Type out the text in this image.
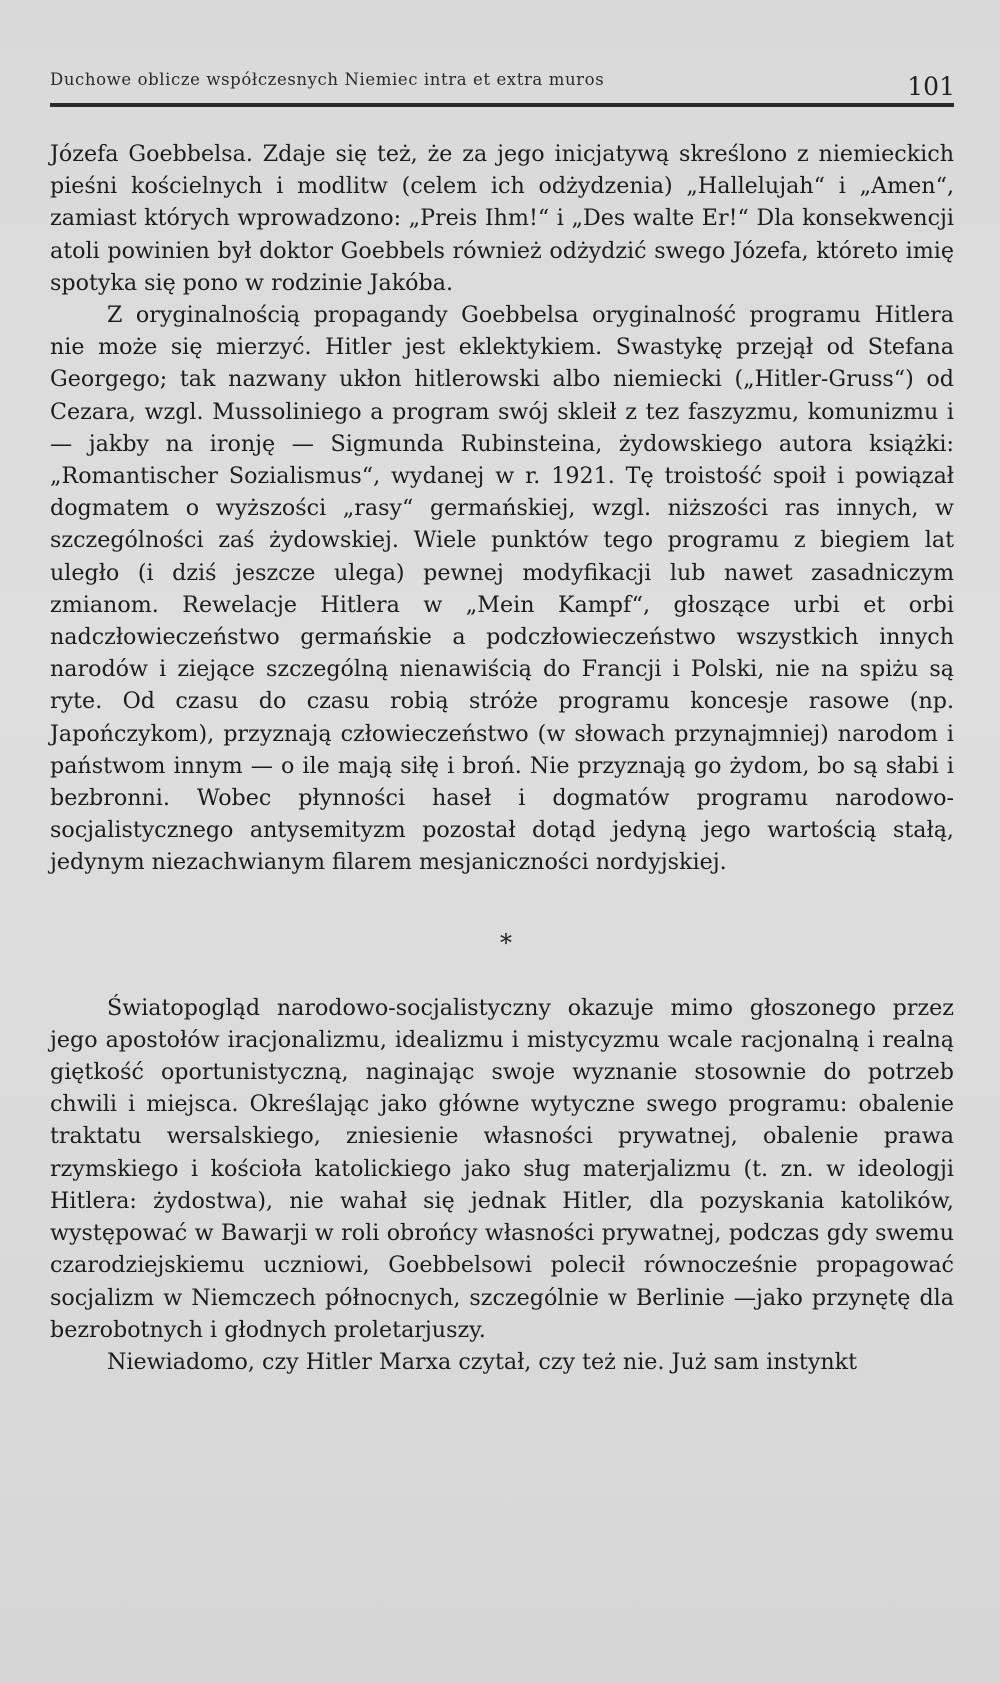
Duchowe oblicze współczesnych Niemiec intra et extra muros	101

Józefa Goebbelsa. Zdaje się też, że za jego inicjatywą skreślono z niemieckich pieśni kościelnych i modlitw (celem ich odżydzenia) „Hallelujah“ i „Amen“, zamiast których wprowadzono: „Preis Ihm!“ i „Des walte Er!“ Dla konsekwencji atoli powinien był doktor Goebbels również odżydzić swego Józefa, któreto imię spotyka się pono w rodzinie Jakóba.

Z oryginalnością propagandy Goebbelsa oryginalność programu Hitlera nie może się mierzyć. Hitler jest eklektykiem. Swastykę przejął od Stefana Georgego; tak nazwany ukłon hitlerowski albo niemiecki („Hitler-Gruss“) od Cezara, wzgl. Mussoliniego a program swój skleił z tez faszyzmu, komunizmu i — jakby na ironję — Sigmunda Rubinsteina, żydowskiego autora książki: „Romantischer Sozialismus“, wydanej w r. 1921. Tę troistość spoił i powiązał dogmatem o wyższości „rasy“ germańskiej, wzgl. niższości ras innych, w szczególności zaś żydowskiej. Wiele punktów tego programu z biegiem lat uległo (i dziś jeszcze ulega) pewnej modyfikacji lub nawet zasadniczym zmianom. Rewelacje Hitlera w „Mein Kampf“, głoszące urbi et orbi nadczłowieczeństwo germańskie a podczłowieczeństwo wszystkich innych narodów i ziejące szczególną nienawiścią do Francji i Polski, nie na spiżu są ryte. Od czasu do czasu robią stróże programu koncesje rasowe (np. Japończykom), przyznają człowieczeństwo (w słowach przynajmniej) narodom i państwom innym — o ile mają siłę i broń. Nie przyznają go żydom, bo są słabi i bezbronni. Wobec płynności haseł i dogmatów programu narodowo-socjalistycznego antysemityzm pozostał dotąd jedyną jego wartością stałą, jedynym niezachwianym filarem mesjaniczności nordyjskiej.

*

Światopogląd narodowo-socjalistyczny okazuje mimo głoszonego przez jego apostołów iracjonalizmu, idealizmu i mistycyzmu wcale racjonalną i realną giętkość oportunistyczną, naginając swoje wyznanie stosownie do potrzeb chwili i miejsca. Określając jako główne wytyczne swego programu: obalenie traktatu wersalskiego, zniesienie własności prywatnej, obalenie prawa rzymskiego i kościoła katolickiego jako sług materjalizmu (t. zn. w ideologji Hitlera: żydostwa), nie wahał się jednak Hitler, dla pozyskania katolików, występować w Bawarji w roli obrońcy własności prywatnej, podczas gdy swemu czarodziejskiemu uczniowi, Goebbelsowi polecił równocześnie propagować socjalizm w Niemczech północnych, szczególnie w Berlinie —jako przynętę dla bezrobotnych i głodnych proletarjuszy.

Niewiadomo, czy Hitler Marxa czytał, czy też nie. Już sam instynkt
